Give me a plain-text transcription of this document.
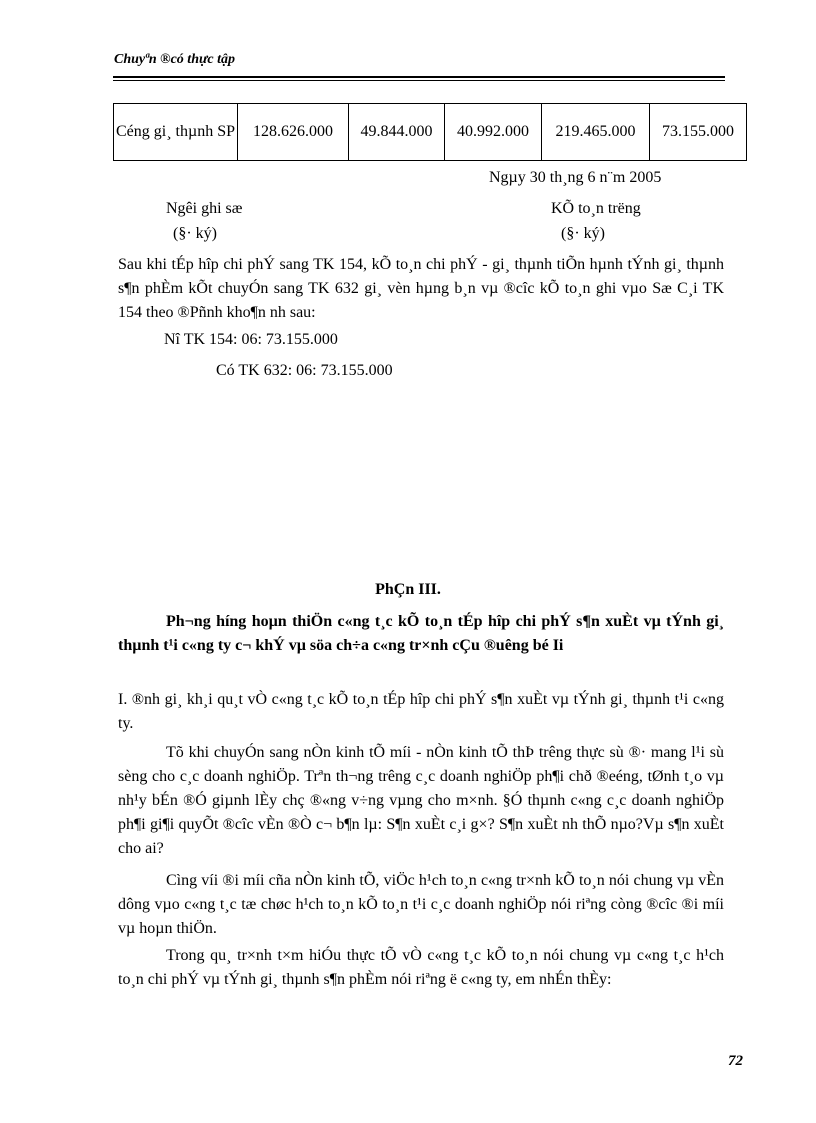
Chuyªn ®có thực tập
Céng gi¸ thµnh SP	128.626.000	49.844.000	40.992.000	219.465.000	73.155.000
Ngµy 30 th¸ng 6 n¨m 2005
Ngêi ghi sæ
(§· ký)
KÕ to¸n trëng
(§· ký)
Sau khi tÉp hîp chi phÝ sang TK 154, kÕ to¸n chi phÝ - gi¸ thµnh tiÕn hµnh tÝnh gi¸ thµnh s¶n phÈm kÕt chuyÓn sang TK 632 gi¸ vèn hµng b¸n vµ ®cîc kÕ to¸n ghi vµo Sæ C¸i TK 154 theo ®Pñnh kho¶n nh sau:
Nî TK 154: 06: 73.155.000
Có TK 632: 06: 73.155.000
PhÇn III.
Ph¬ng híng hoµn thiÖn c«ng t¸c kÕ to¸n tÉp hîp chi phÝ s¶n xuÈt vµ tÝnh gi¸ thµnh t¹i c«ng ty c¬ khÝ vµ söa ch÷a c«ng tr×nh cÇu ®uêng bé Ii
I. ®nh gi¸ kh¸i qu¸t vÒ c«ng t¸c kÕ to¸n tÉp hîp chi phÝ s¶n xuÈt vµ tÝnh gi¸ thµnh t¹i c«ng ty.
Tõ khi chuyÓn sang nÒn kinh tÕ míi - nÒn kinh tÕ thÞ trêng thực sù ®· mang l¹i sù sèng cho c¸c doanh nghiÖp. Trªn th¬ng trêng c¸c doanh nghiÖp ph¶i chð ®eéng, tØnh t¸o vµ nh¹y bÉn ®Ó giµnh lÈy chç ®«ng v÷ng vµng cho m×nh. §Ó thµnh c«ng c¸c doanh nghiÖp ph¶i gi¶i quyÕt ®cîc vÈn ®Ò c¬ b¶n lµ: S¶n xuÈt c¸i g×? S¶n xuÈt nh thÕ nµo?Vµ s¶n xuÈt cho ai?
Cìng víi ®i míi cña nÒn kinh tÕ, viÖc h¹ch to¸n c«ng tr×nh kÕ to¸n nói chung vµ vÈn dông vµo c«ng t¸c tæ chøc h¹ch to¸n kÕ to¸n t¹i c¸c doanh nghiÖp nói riªng còng ®cîc ®i míi vµ hoµn thiÖn.
Trong qu¸ tr×nh t×m hiÓu thực tÕ vÒ c«ng t¸c kÕ to¸n nói chung vµ c«ng t¸c h¹ch to¸n chi phÝ vµ tÝnh gi¸ thµnh s¶n phÈm nói riªng ë c«ng ty, em nhÉn thÈy:
72
